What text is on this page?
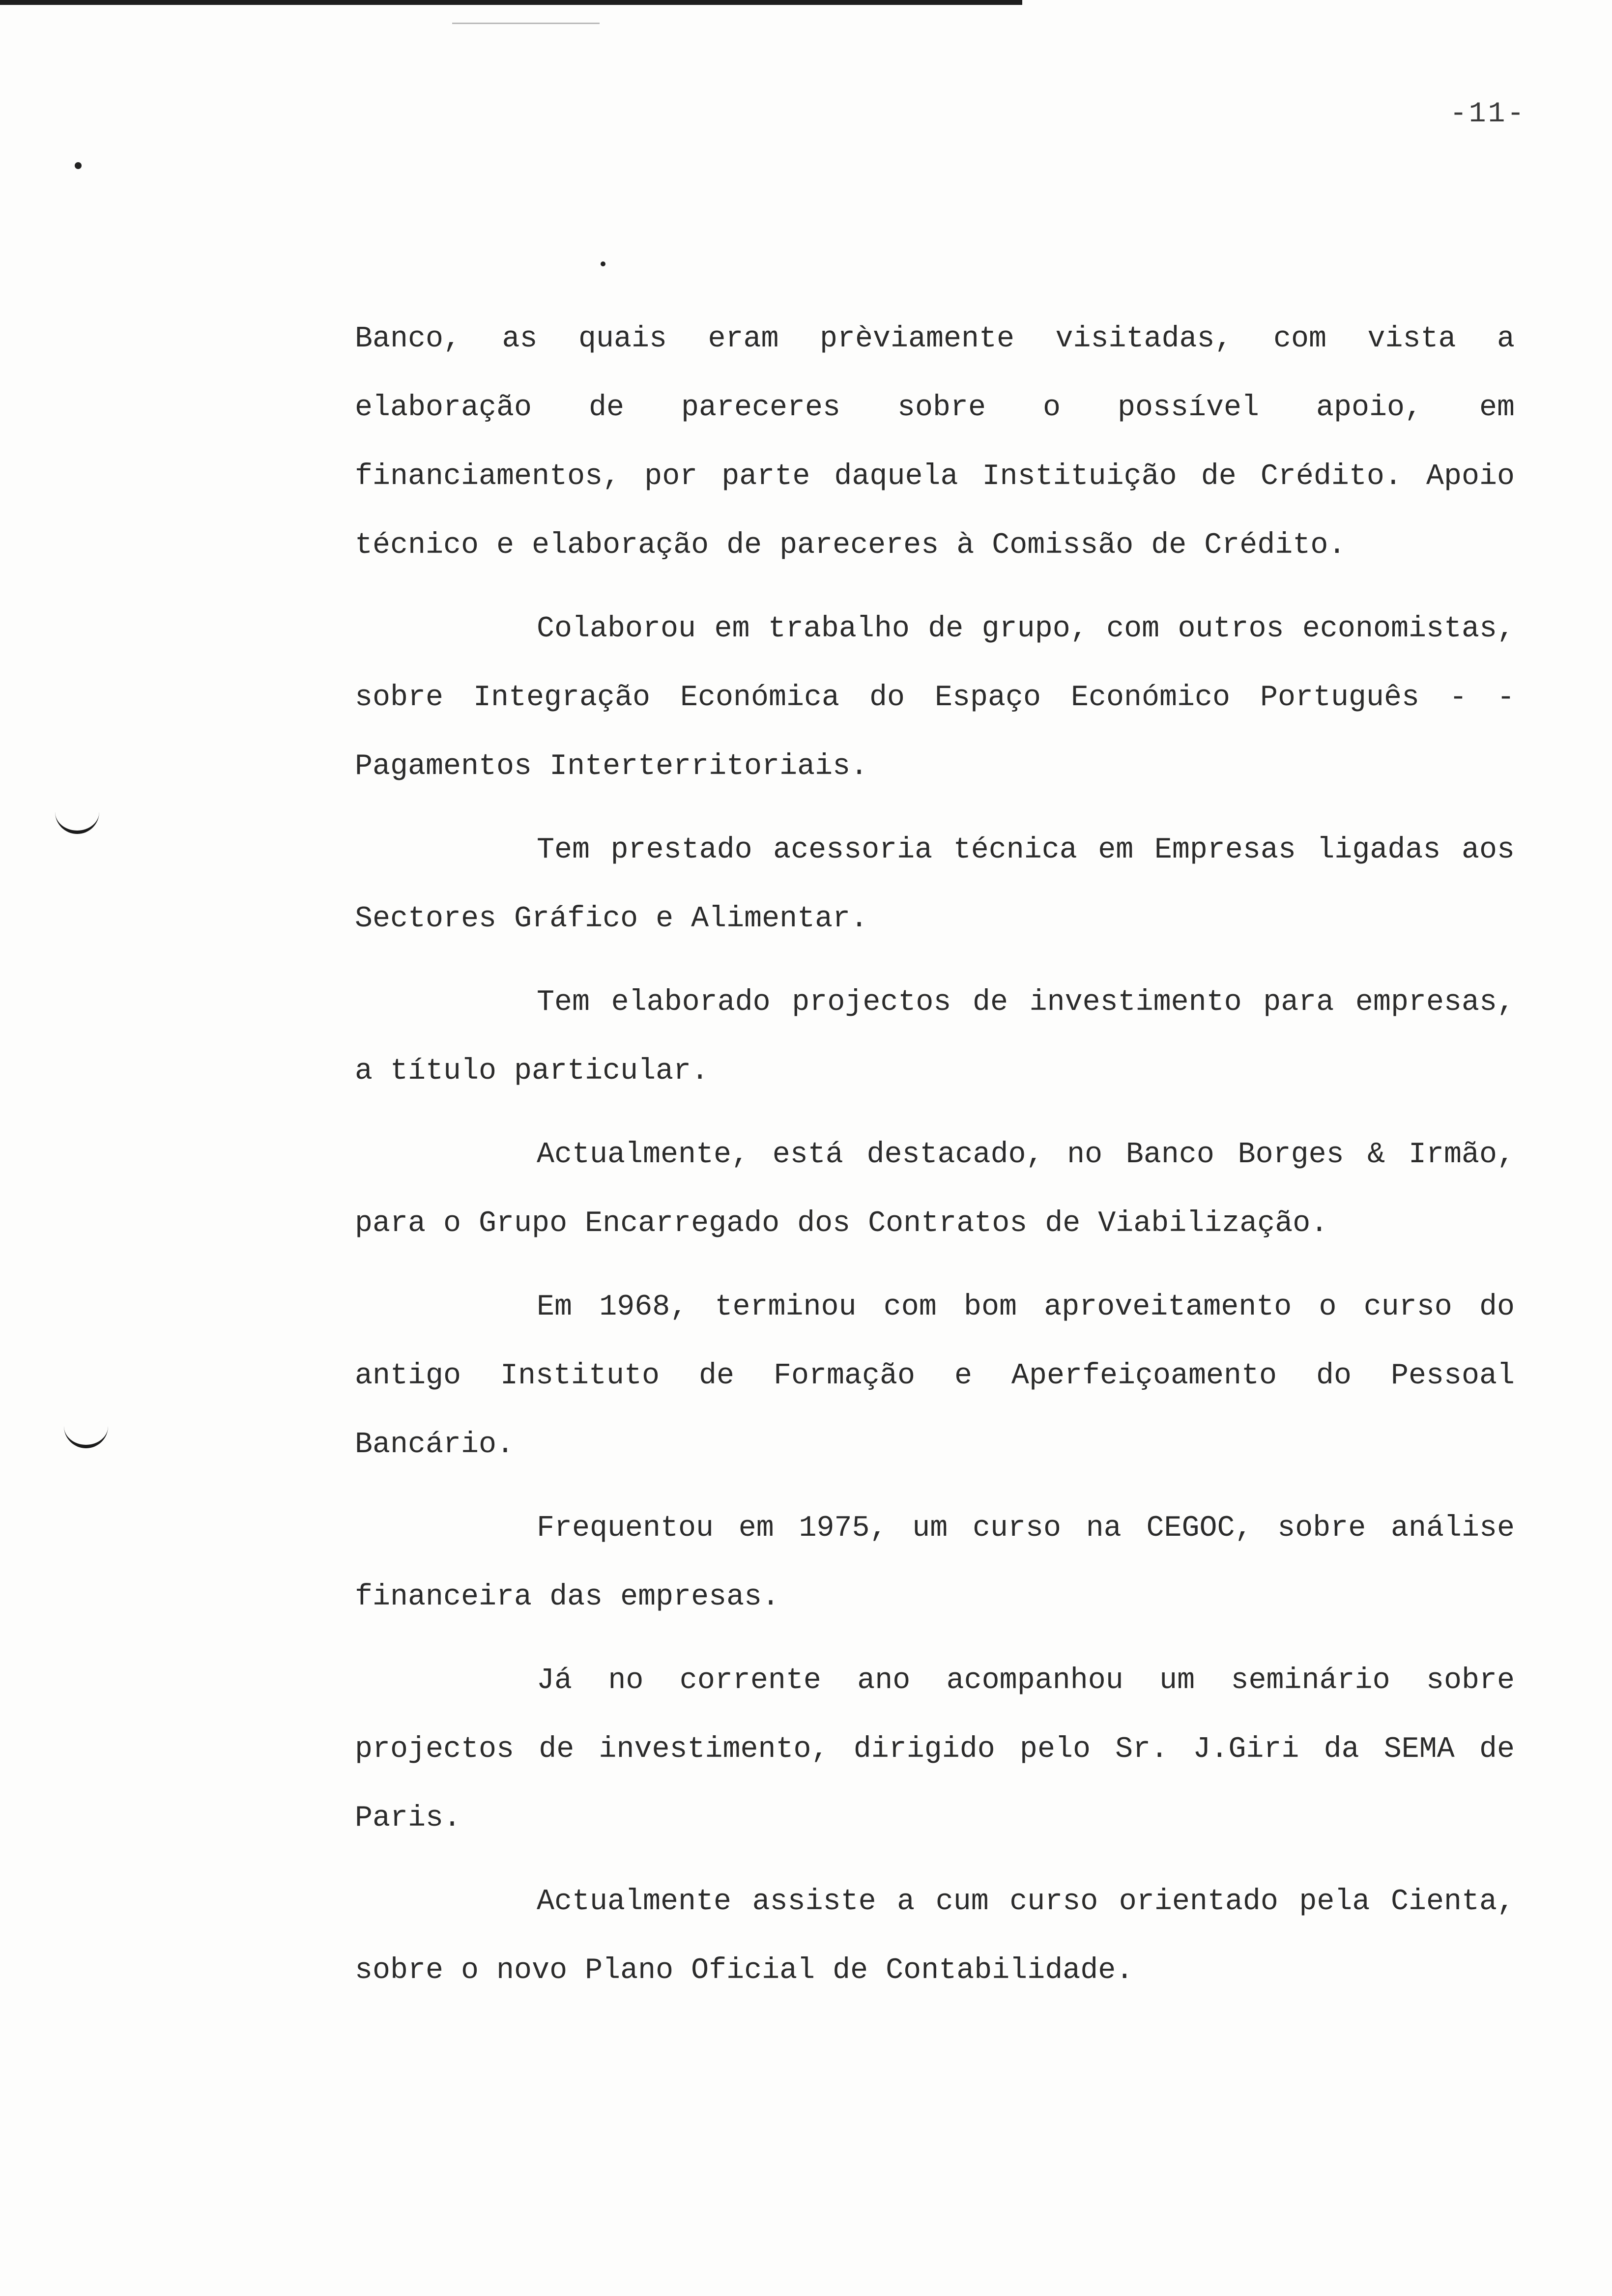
-11-

Banco, as quais eram prèviamente visitadas, com vista a elaboração de pareceres sobre o possível apoio, em financiamentos, por parte daquela Instituição de Crédito. Apoio técnico e elaboração de pareceres à Comissão de Crédito.

Colaborou em trabalho de grupo, com outros economistas, sobre Integração Económica do Espaço Económico Português - - Pagamentos Interterritoriais.

Tem prestado acessoria técnica em Empresas ligadas aos Sectores Gráfico e Alimentar.

Tem elaborado projectos de investimento para empresas, a título particular.

Actualmente, está destacado, no Banco Borges & Irmão, para o Grupo Encarregado dos Contratos de Viabilização.

Em 1968, terminou com bom aproveitamento o curso do antigo Instituto de Formação e Aperfeiçoamento do Pessoal Bancário.

Frequentou em 1975, um curso na CEGOC, sobre análise financeira das empresas.

Já no corrente ano acompanhou um seminário sobre projectos de investimento, dirigido pelo Sr. J.Giri da SEMA de Paris.

Actualmente assiste a cum curso orientado pela Cienta, sobre o novo Plano Oficial de Contabilidade.
